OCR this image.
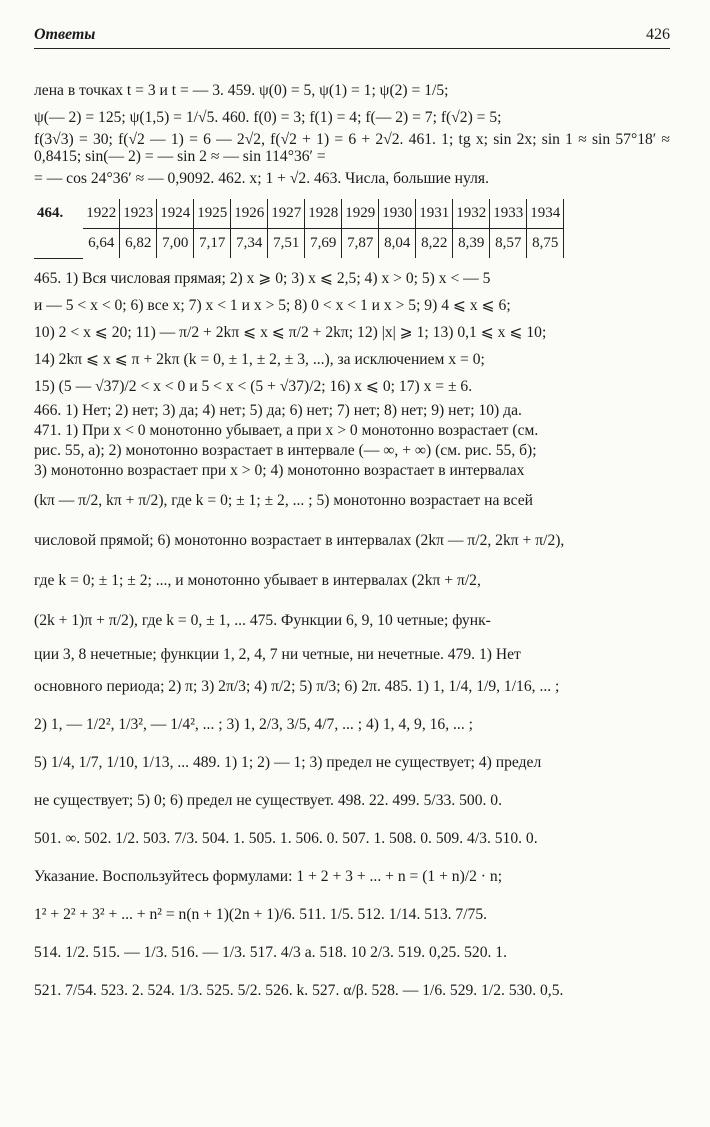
Ответы	426
лена в точках t = 3 и t = — 3. 459. ψ(0) = 5, ψ(1) = 1; ψ(2) = 1/5;
ψ(— 2) = 125; ψ(1,5) = 1/√5. 460. f(0) = 3; f(1) = 4; f(— 2) = 7; f(√2) = 5;
f(3√3) = 30; f(√2 — 1) = 6 — 2√2, f(√2 + 1) = 6 + 2√2. 461. 1; tg x; sin 2x; sin 1 ≈ sin 57°18′ ≈ 0,8415; sin(— 2) = — sin 2 ≈ — sin 114°36′ =
= — cos 24°36′ ≈ — 0,9092. 462. x; 1 + √2. 463. Числа, большие нуля.
464.	1922	1923	1924	1925	1926	1927	1928	1929	1930	1931	1932	1933	1934
	6,64	6,82	7,00	7,17	7,34	7,51	7,69	7,87	8,04	8,22	8,39	8,57	8,75
465. 1) Вся числовая прямая; 2) x ⩾ 0; 3) x ⩽ 2,5; 4) x > 0; 5) x < — 5
и — 5 < x < 0; 6) все x; 7) x < 1 и x > 5; 8) 0 < x < 1 и x > 5; 9) 4 ⩽ x ⩽ 6;
10) 2 < x ⩽ 20; 11) — π/2 + 2kπ ⩽ x ⩽ π/2 + 2kπ; 12) |x| ⩾ 1; 13) 0,1 ⩽ x ⩽ 10;
14) 2kπ ⩽ x ⩽ π + 2kπ (k = 0, ± 1, ± 2, ± 3, ...), за исключением x = 0;
15) (5 — √37)/2 < x < 0 и 5 < x < (5 + √37)/2; 16) x ⩽ 0; 17) x = ± 6.
466. 1) Нет; 2) нет; 3) да; 4) нет; 5) да; 6) нет; 7) нет; 8) нет; 9) нет; 10) да.
471. 1) При x < 0 монотонно убывает, а при x > 0 монотонно возрастает (см.
рис. 55, а); 2) монотонно возрастает в интервале (— ∞, + ∞) (см. рис. 55, б);
3) монотонно возрастает при x > 0; 4) монотонно возрастает в интервалах
(kπ — π/2, kπ + π/2), где k = 0; ± 1; ± 2, ... ; 5) монотонно возрастает на всей
числовой прямой; 6) монотонно возрастает в интервалах (2kπ — π/2, 2kπ + π/2),
где k = 0; ± 1; ± 2; ..., и монотонно убывает в интервалах (2kπ + π/2,
(2k + 1)π + π/2), где k = 0, ± 1, ... 475. Функции 6, 9, 10 четные; функ-
ции 3, 8 нечетные; функции 1, 2, 4, 7 ни четные, ни нечетные. 479. 1) Нет
основного периода; 2) π; 3) 2π/3; 4) π/2; 5) π/3; 6) 2π. 485. 1) 1, 1/4, 1/9, 1/16, ... ;
2) 1, — 1/2², 1/3², — 1/4², ... ; 3) 1, 2/3, 3/5, 4/7, ... ; 4) 1, 4, 9, 16, ... ;
5) 1/4, 1/7, 1/10, 1/13, ... 489. 1) 1; 2) — 1; 3) предел не существует; 4) предел
не существует; 5) 0; 6) предел не существует. 498. 22. 499. 5/33. 500. 0.
501. ∞. 502. 1/2. 503. 7/3. 504. 1. 505. 1. 506. 0. 507. 1. 508. 0. 509. 4/3. 510. 0.
Указание. Воспользуйтесь формулами: 1 + 2 + 3 + ... + n = (1 + n)/2 · n;
1² + 2² + 3² + ... + n² = n(n + 1)(2n + 1)/6. 511. 1/5. 512. 1/14. 513. 7/75.
514. 1/2. 515. — 1/3. 516. — 1/3. 517. 4/3 a. 518. 10 2/3. 519. 0,25. 520. 1.
521. 7/54. 523. 2. 524. 1/3. 525. 5/2. 526. k. 527. α/β. 528. — 1/6. 529. 1/2. 530. 0,5.
